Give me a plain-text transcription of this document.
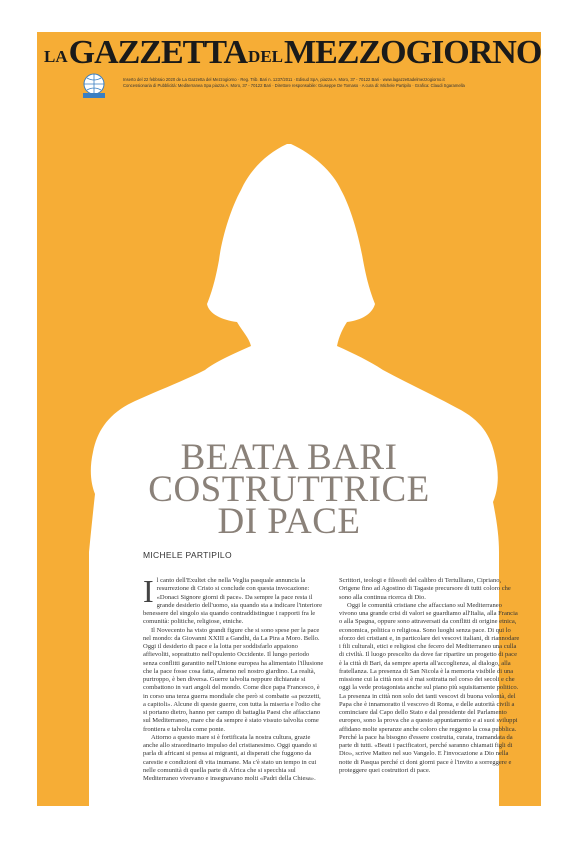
LA GAZZETTA DEL MEZZOGIORNO
Inserto del 22 febbraio 2020 de La Gazzetta del Mezzogiorno · Reg. Trib. Bari n. 1237/2011 · Edisud SpA, piazza A. Moro, 37 - 70122 Bari · www.lagazzettadelmezzogiorno.it
Concessionaria di Pubblicità: Mediterranea Spa piazza A. Moro, 37 - 70122 Bari · Direttore responsabile: Giuseppe De Tomaso · A cura di: Michele Partipilo · Grafica: Claudi Sgaramella
BEATA BARI
COSTRUTTRICE
DI PACE
MICHELE PARTIPILO

Il canto dell'Exultet che nella Veglia pasquale annuncia la resurrezione di Cristo si conclude con questa invocazione: «Donaci Signore giorni di pace». Da sempre la pace resta il grande desiderio dell'uomo, sia quando sta a indicare l'interiore benessere del singolo sia quando contraddistingue i rapporti fra le comunità: politiche, religiose, etniche.

Il Novecento ha visto grandi figure che si sono spese per la pace nel mondo: da Giovanni XXIII a Gandhi, da La Pira a Moro. Bello. Oggi il desiderio di pace e la lotta per soddisfarlo appaiono affievoliti, soprattutto nell'opulento Occidente. Il lungo periodo senza conflitti garantito nell'Unione europea ha alimentato l'illusione che la pace fosse cosa fatta, almeno nel nostro giardino. La realtà, purtroppo, è ben diversa. Guerre talvolta neppure dichiarate si combattono in vari angoli del mondo. Come dice papa Francesco, è in corso una terza guerra mondiale che però si combatte «a pezzetti, a capitoli». Alcune di queste guerre, con tutta la miseria e l'odio che si portano dietro, hanno per campo di battaglia Paesi che affacciano sul Mediterraneo, mare che da sempre è stato vissuto talvolta come frontiera e talvolta come ponte.

Attorno a questo mare si è fortificata la nostra cultura, grazie anche allo straordinario impulso del cristianesimo. Oggi quando si parla di africani si pensa ai migranti, ai disperati che fuggono da carestie e condizioni di vita inumane. Ma c'è stato un tempo in cui nelle comunità di quella parte di Africa che si specchia sul Mediterraneo vivevano e insegnavano molti «Padri della Chiesa». Scrittori, teologi e filosofi del calibro di Tertulliano, Cipriano, Origene fino ad Agostino di Tagaste precursore di tutti coloro che sono alla continua ricerca di Dio.

Oggi le comunità cristiane che affacciano sul Mediterraneo vivono una grande crisi di valori se guardiamo all'Italia, alla Francia o alla Spagna, oppure sono attraversati da conflitti di origine etnica, economica, politica o religiosa. Sono luoghi senza pace. Di qui lo sforzo dei cristiani e, in particolare dei vescovi italiani, di riannodare i fili culturali, etici e religiosi che fecero del Mediterraneo una culla di civiltà. Il luogo prescelto da dove far ripartire un progetto di pace è la città di Bari, da sempre aperta all'accoglienza, al dialogo, alla fratellanza. La presenza di San Nicola è la memoria visibile di una missione cui la città non si è mai sottratta nel corso dei secoli e che oggi la vede protagonista anche sul piano più squisitamente politico. La presenza in città non solo dei tanti vescovi di buona volontà, del Papa che è innamoratto il vescovo di Roma, e delle autorità civili a cominciare dal Capo dello Stato e dal presidente del Parlamento europeo, sono la prova che a questo appuntamento e ai suoi sviluppi affidano molte speranze anche coloro che reggono la cosa pubblica. Perché la pace ha bisogno d'essere costruita, curata, tramandata da parte di tutti. «Beati i pacificatori, perché saranno chiamati figli di Dio», scrive Matteo nel suo Vangelo. E l'invocazione a Dio nella notte di Pasqua perché ci doni giorni pace è l'invito a sorreggere e proteggere quei costruttori di pace.
